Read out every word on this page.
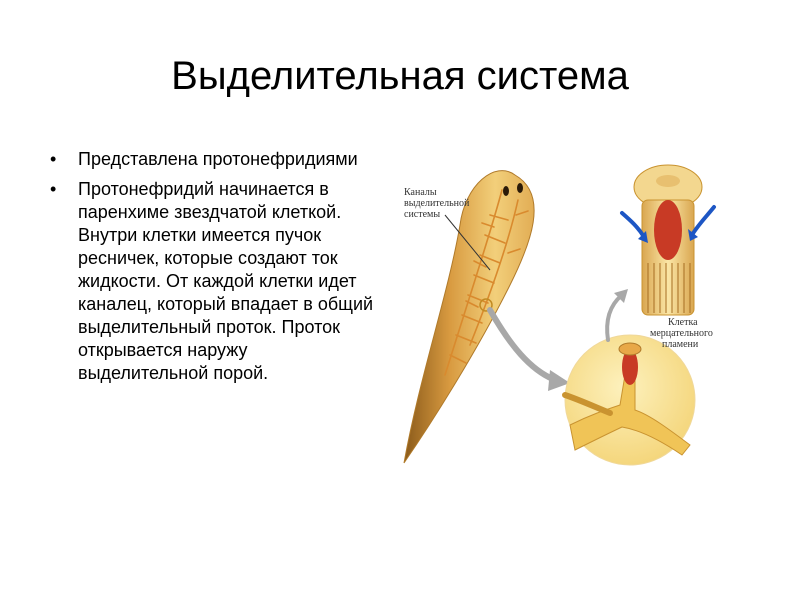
Выделительная система
• Представлена протонефридиями
• Протонефридий начинается в паренхиме звездчатой клеткой. Внутри клетки имеется пучок ресничек, которые создают ток жидкости. От каждой клетки идет каналец, который впадает в общий выделительный проток. Проток открывается наружу выделительной порой.
Каналы выделительной системы
Клетка мерцательного пламени
